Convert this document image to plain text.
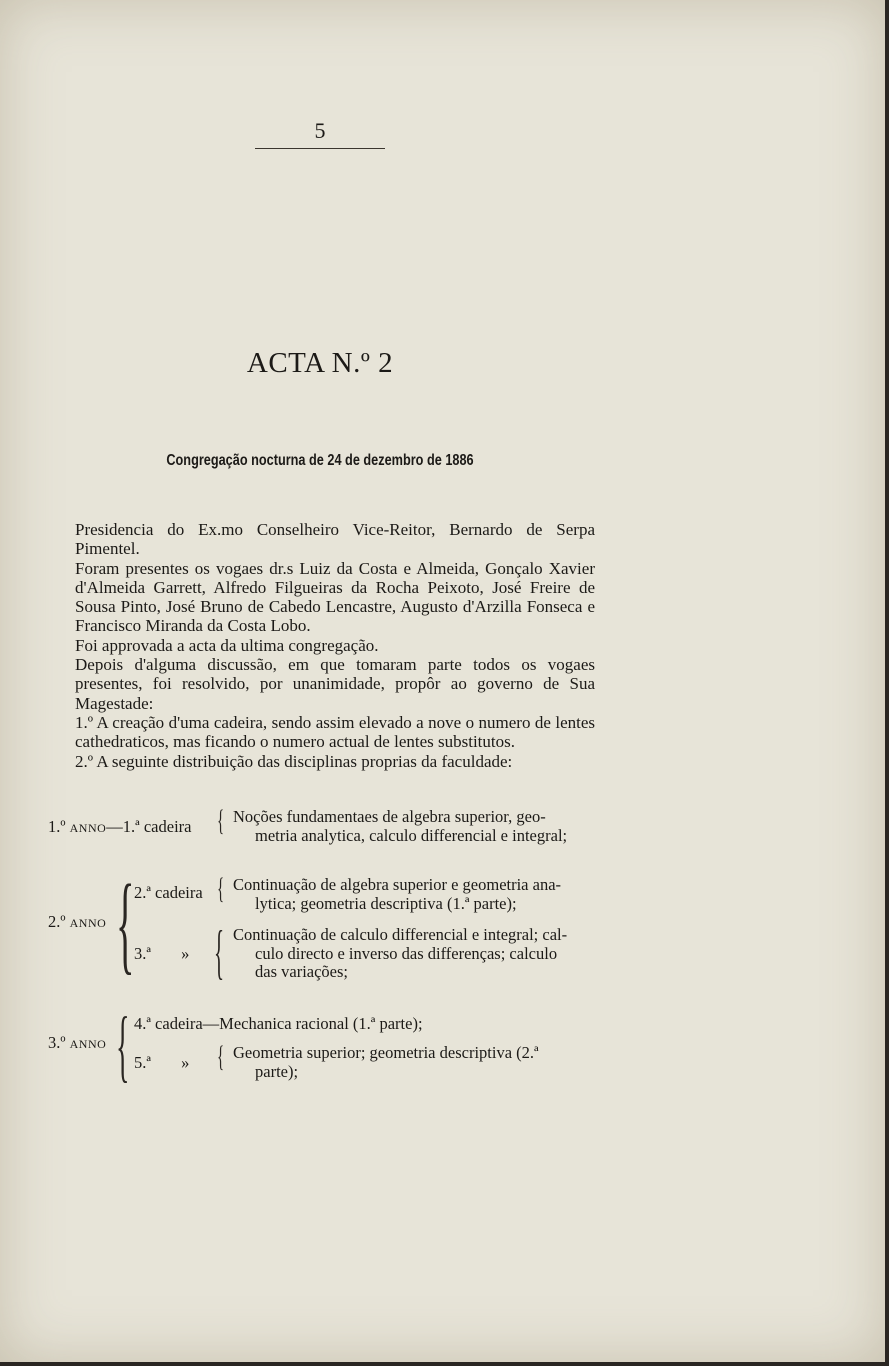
5
ACTA N.º 2
Congregação nocturna de 24 de dezembro de 1886

Presidencia do Ex.mo Conselheiro Vice-Reitor, Bernardo de Serpa Pimentel.

Foram presentes os vogaes dr.s Luiz da Costa e Almeida, Gonçalo Xavier d'Almeida Garrett, Alfredo Filgueiras da Rocha Peixoto, José Freire de Sousa Pinto, José Bruno de Cabedo Lencastre, Augusto d'Arzilla Fonseca e Francisco Miranda da Costa Lobo.

Foi approvada a acta da ultima congregação.

Depois d'alguma discussão, em que tomaram parte todos os vogaes presentes, foi resolvido, por unanimidade, propôr ao governo de Sua Magestade:

1.º A creação d'uma cadeira, sendo assim elevado a nove o numero de lentes cathedraticos, mas ficando o numero actual de lentes substitutos.

2.º A seguinte distribuição das disciplinas proprias da faculdade:

1.º ANNO—1.ª cadeira { Noções fundamentaes de algebra superior, geo-
metria analytica, calculo differencial e integral;
{
2.º ANNO
2.ª cadeira { Continuação de algebra superior e geometria ana-
lytica; geometria descriptiva (1.ª parte);
3.ª » { Continuação de calculo differencial e integral; cal-
culo directo e inverso das differenças; calculo
das variações;
{
3.º ANNO
4.ª cadeira—Mechanica racional (1.ª parte);
5.ª » { Geometria superior; geometria descriptiva (2.ª
parte);
